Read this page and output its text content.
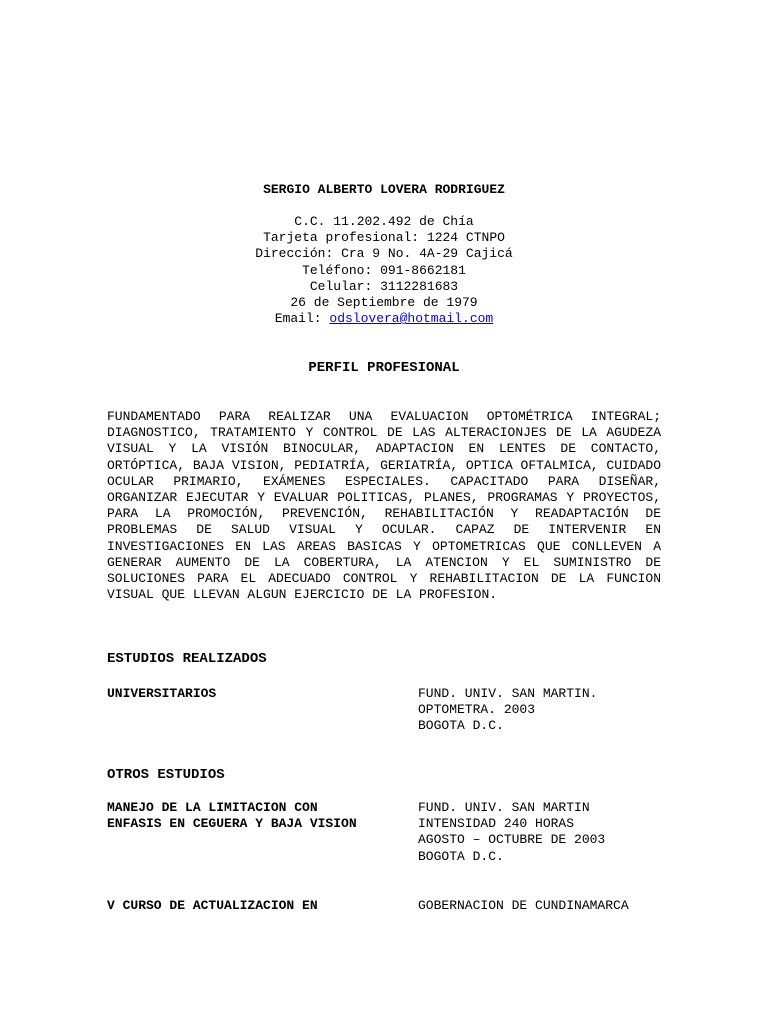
SERGIO ALBERTO LOVERA RODRIGUEZ
C.C. 11.202.492 de Chía
Tarjeta profesional: 1224 CTNPO
Dirección: Cra 9 No. 4A-29 Cajicá
Teléfono: 091-8662181
Celular: 3112281683
26 de Septiembre de 1979
Email: odslovera@hotmail.com
PERFIL PROFESIONAL

FUNDAMENTADO PARA REALIZAR UNA EVALUACION OPTOMÉTRICA INTEGRAL; DIAGNOSTICO, TRATAMIENTO Y CONTROL DE LAS ALTERACIONJES DE LA AGUDEZA VISUAL Y LA VISIÓN BINOCULAR, ADAPTACION EN LENTES DE CONTACTO, ORTÓPTICA, BAJA VISION, PEDIATRÍA, GERIATRÍA, OPTICA OFTALMICA, CUIDADO OCULAR PRIMARIO, EXÁMENES ESPECIALES. CAPACITADO PARA DISEÑAR, ORGANIZAR EJECUTAR Y EVALUAR POLITICAS, PLANES, PROGRAMAS Y PROYECTOS, PARA LA PROMOCIÓN, PREVENCIÓN, REHABILITACIÓN Y READAPTACIÓN DE PROBLEMAS DE SALUD VISUAL Y OCULAR. CAPAZ DE INTERVENIR EN INVESTIGACIONES EN LAS AREAS BASICAS Y OPTOMETRICAS QUE CONLLEVEN A GENERAR AUMENTO DE LA COBERTURA, LA ATENCION Y EL SUMINISTRO DE SOLUCIONES PARA EL ADECUADO CONTROL Y REHABILITACION DE LA FUNCION VISUAL QUE LLEVAN ALGUN EJERCICIO DE LA PROFESION.

ESTUDIOS REALIZADOS
UNIVERSITARIOS	FUND. UNIV. SAN MARTIN.
OPTOMETRA. 2003
BOGOTA D.C.
OTROS ESTUDIOS
MANEJO DE LA LIMITACION CON
ENFASIS EN CEGUERA Y BAJA VISION
FUND. UNIV. SAN MARTIN
INTENSIDAD 240 HORAS
AGOSTO – OCTUBRE DE 2003
BOGOTA D.C.
V CURSO DE ACTUALIZACION EN	GOBERNACION DE CUNDINAMARCA
